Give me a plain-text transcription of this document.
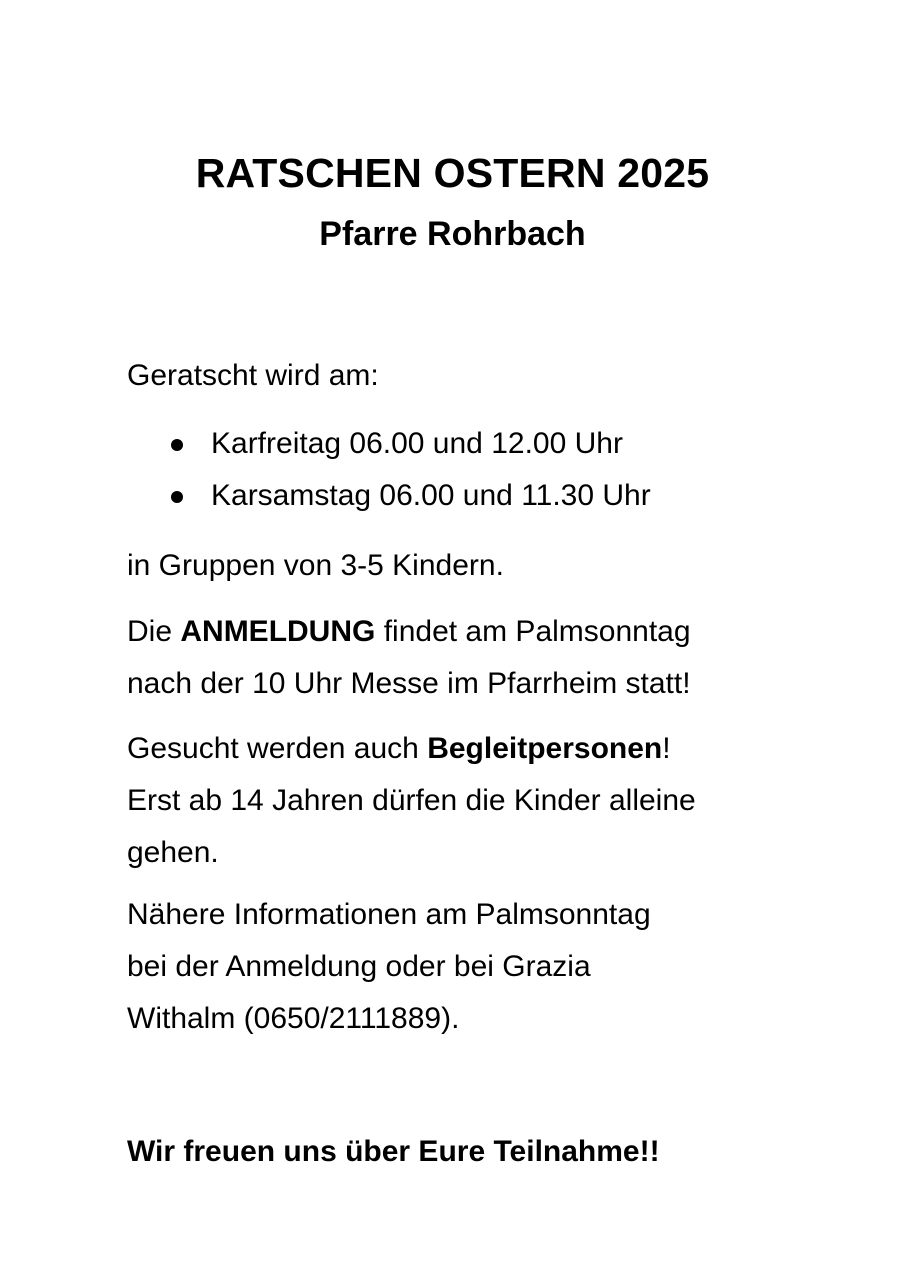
RATSCHEN OSTERN 2025
Pfarre Rohrbach

Geratscht wird am:

Karfreitag 06.00 und 12.00 Uhr
Karsamstag 06.00 und 11.30 Uhr

in Gruppen von 3-5 Kindern.

Die ANMELDUNG findet am Palmsonntag
nach der 10 Uhr Messe im Pfarrheim statt!
Gesucht werden auch Begleitpersonen!
Erst ab 14 Jahren dürfen die Kinder alleine
gehen.
Nähere Informationen am Palmsonntag
bei der Anmeldung oder bei Grazia
Withalm (0650/2111889).

Wir freuen uns über Eure Teilnahme!!
